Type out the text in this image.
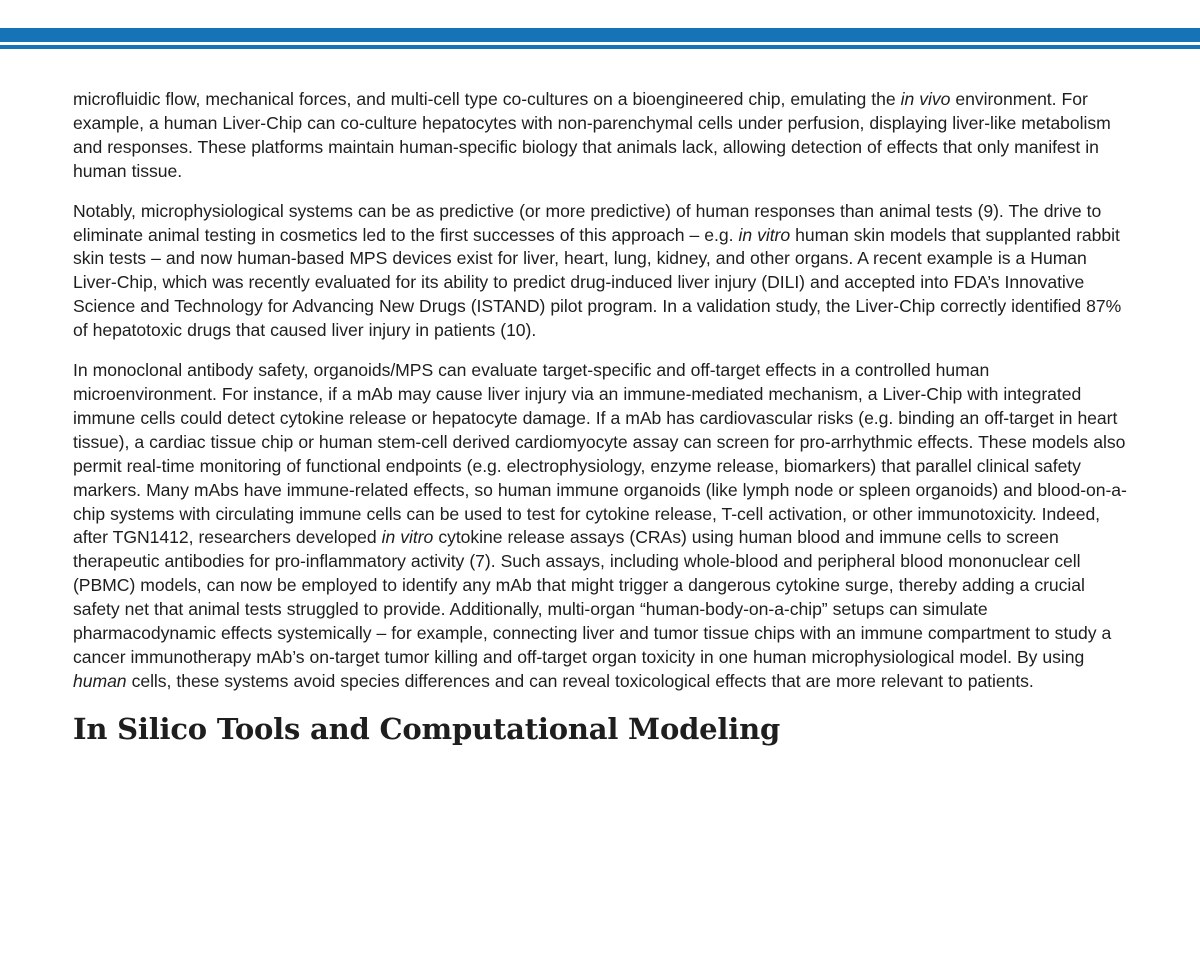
microfluidic flow, mechanical forces, and multi-cell type co-cultures on a bioengineered chip, emulating the in vivo environment. For example, a human Liver-Chip can co-culture hepatocytes with non-parenchymal cells under perfusion, displaying liver-like metabolism and responses. These platforms maintain human-specific biology that animals lack, allowing detection of effects that only manifest in human tissue.

Notably, microphysiological systems can be as predictive (or more predictive) of human responses than animal tests (9). The drive to eliminate animal testing in cosmetics led to the first successes of this approach – e.g. in vitro human skin models that supplanted rabbit skin tests – and now human-based MPS devices exist for liver, heart, lung, kidney, and other organs. A recent example is a Human Liver-Chip, which was recently evaluated for its ability to predict drug-induced liver injury (DILI) and accepted into FDA’s Innovative Science and Technology for Advancing New Drugs (ISTAND) pilot program. In a validation study, the Liver-Chip correctly identified 87% of hepatotoxic drugs that caused liver injury in patients (10).

In monoclonal antibody safety, organoids/MPS can evaluate target-specific and off-target effects in a controlled human microenvironment. For instance, if a mAb may cause liver injury via an immune-mediated mechanism, a Liver-Chip with integrated immune cells could detect cytokine release or hepatocyte damage. If a mAb has cardiovascular risks (e.g. binding an off-target in heart tissue), a cardiac tissue chip or human stem-cell derived cardiomyocyte assay can screen for pro-arrhythmic effects. These models also permit real-time monitoring of functional endpoints (e.g. electrophysiology, enzyme release, biomarkers) that parallel clinical safety markers. Many mAbs have immune-related effects, so human immune organoids (like lymph node or spleen organoids) and blood-on-a-chip systems with circulating immune cells can be used to test for cytokine release, T-cell activation, or other immunotoxicity. Indeed, after TGN1412, researchers developed in vitro cytokine release assays (CRAs) using human blood and immune cells to screen therapeutic antibodies for pro-inflammatory activity (7). Such assays, including whole-blood and peripheral blood mononuclear cell (PBMC) models, can now be employed to identify any mAb that might trigger a dangerous cytokine surge, thereby adding a crucial safety net that animal tests struggled to provide. Additionally, multi-organ “human-body-on-a-chip” setups can simulate pharmacodynamic effects systemically – for example, connecting liver and tumor tissue chips with an immune compartment to study a cancer immunotherapy mAb’s on-target tumor killing and off-target organ toxicity in one human microphysiological model. By using human cells, these systems avoid species differences and can reveal toxicological effects that are more relevant to patients.

In Silico Tools and Computational Modeling
